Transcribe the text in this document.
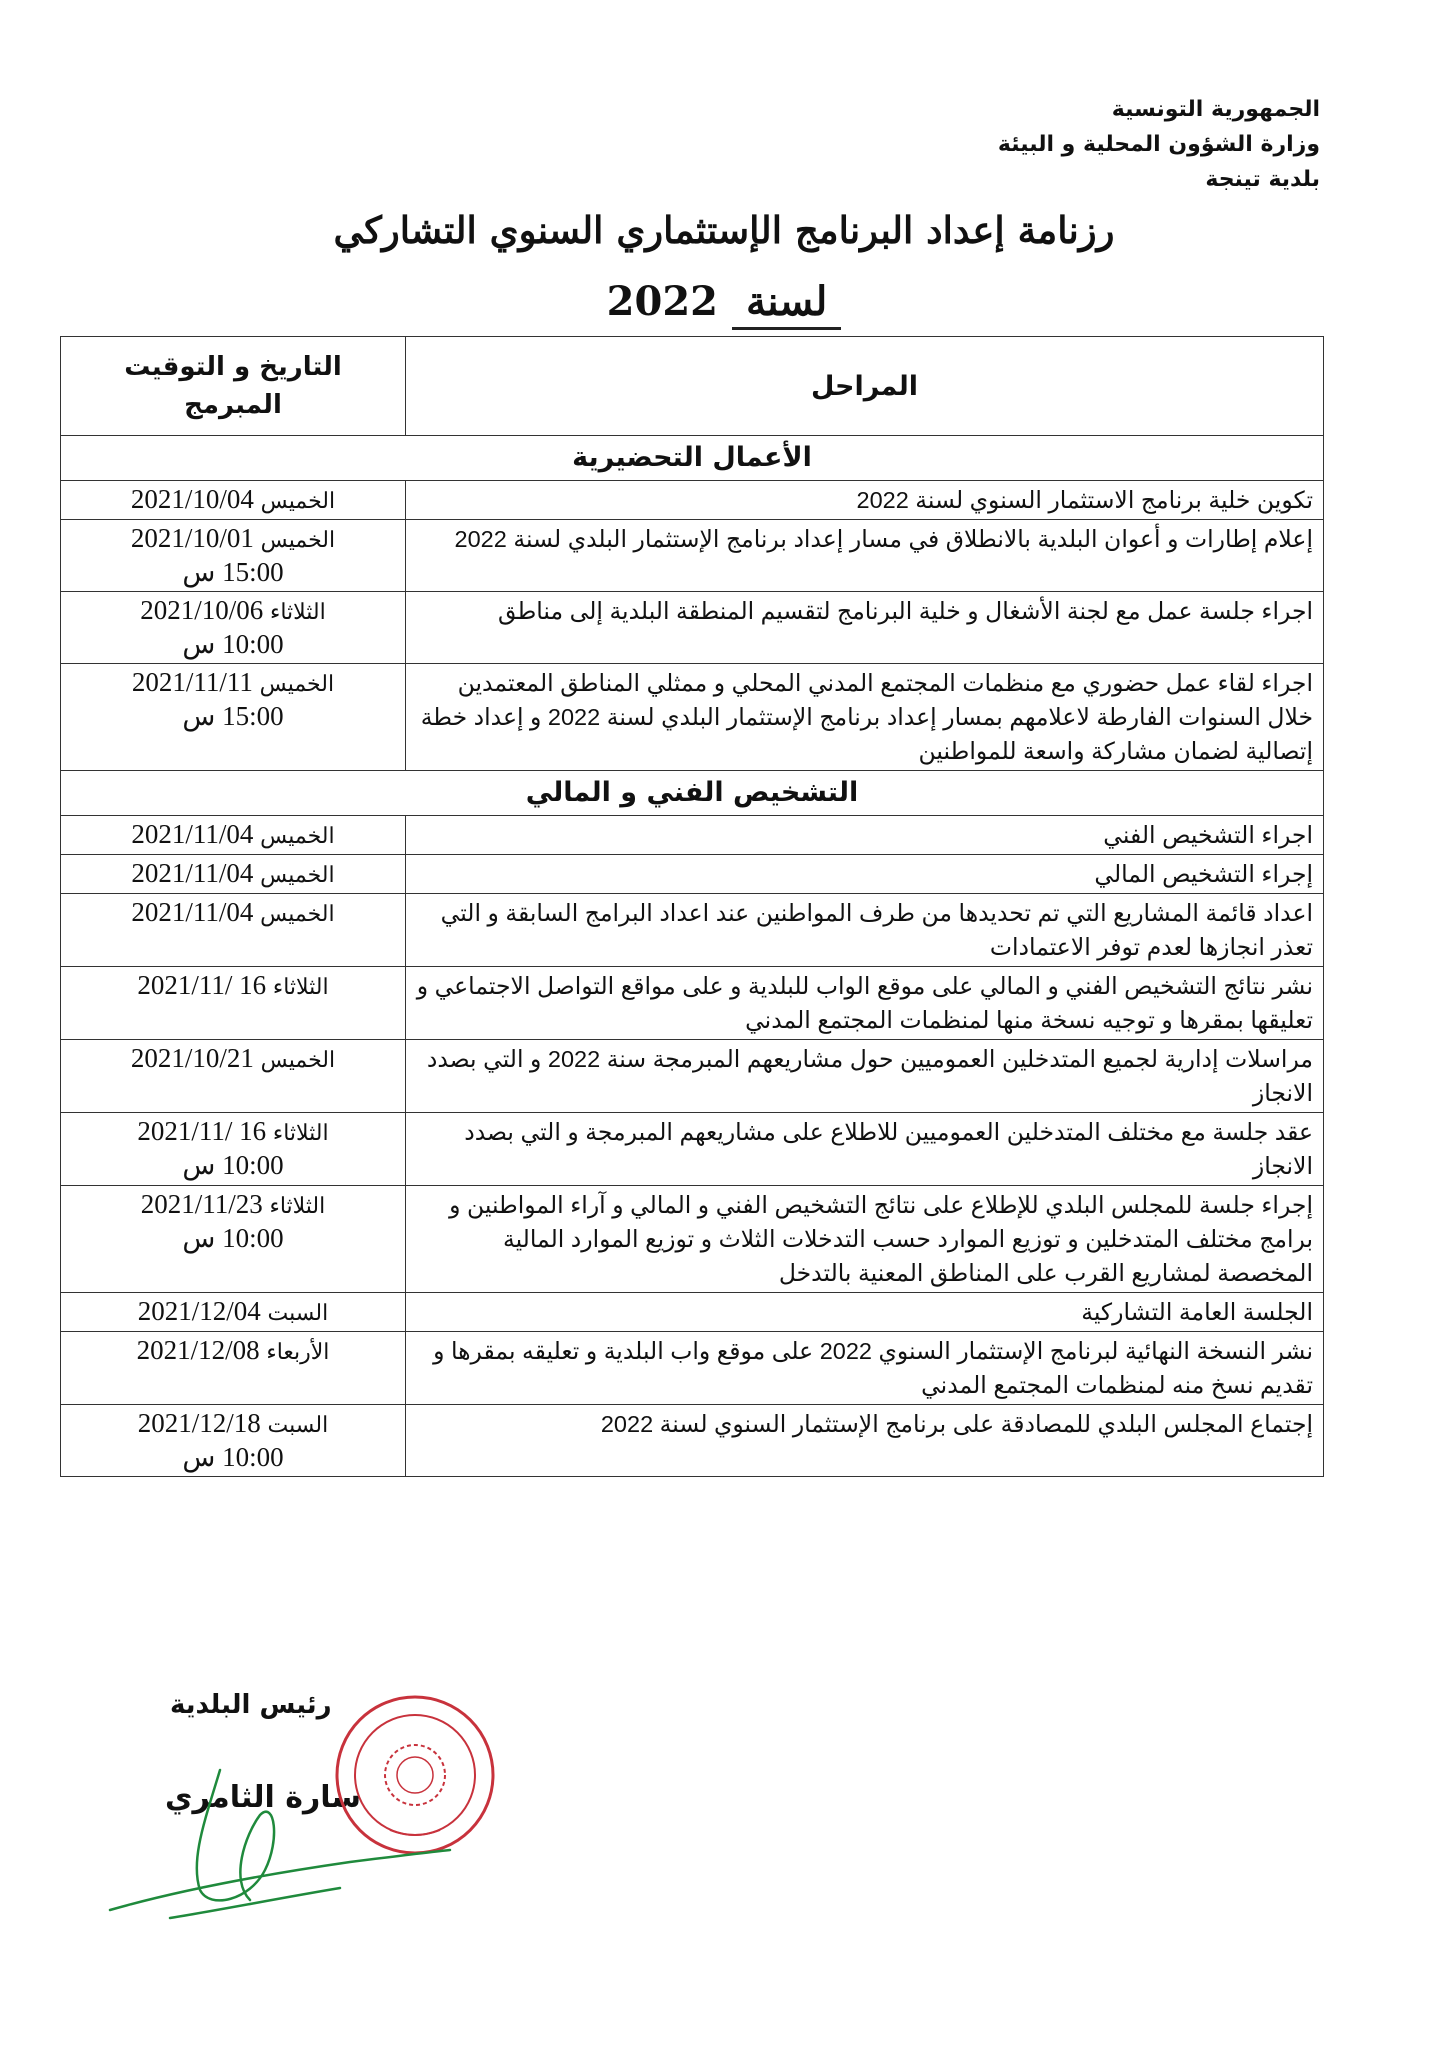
الجمهورية التونسية
وزارة الشؤون المحلية و البيئة
بلدية تينجة
رزنامة إعداد البرنامج الإستثماري السنوي التشاركي
لسنة 2022
المراحل	التاريخ و التوقيت المبرمج
الأعمال التحضيرية	
تكوين خلية برنامج الاستثمار السنوي لسنة 2022	الخميس 2021/10/04

إعلام إطارات و أعوان البلدية بالانطلاق في مسار إعداد برنامج الإستثمار البلدي لسنة 2022	الخميس 2021/10/01
15:00 س

اجراء جلسة عمل مع لجنة الأشغال و خلية البرنامج لتقسيم المنطقة البلدية إلى مناطق	الثلاثاء 2021/10/06
10:00 س

اجراء لقاء عمل حضوري مع منظمات المجتمع المدني المحلي و ممثلي المناطق المعتمدين خلال السنوات الفارطة لاعلامهم بمسار إعداد برنامج الإستثمار البلدي لسنة 2022 و إعداد خطة إتصالية لضمان مشاركة واسعة للمواطنين	الخميس 2021/11/11
15:00 س

التشخيص الفني و المالي	
اجراء التشخيص الفني	الخميس 2021/11/04

إجراء التشخيص المالي	الخميس 2021/11/04

اعداد قائمة المشاريع التي تم تحديدها من طرف المواطنين عند اعداد البرامج السابقة و التي تعذر انجازها لعدم توفر الاعتمادات	الخميس 2021/11/04

نشر نتائج التشخيص الفني و المالي على موقع الواب للبلدية و على مواقع التواصل الاجتماعي و تعليقها بمقرها و توجيه نسخة منها لمنظمات المجتمع المدني	الثلاثاء 2021/11/ 16

مراسلات إدارية لجميع المتدخلين العموميين حول مشاريعهم المبرمجة سنة 2022 و التي بصدد الانجاز	الخميس 2021/10/21

عقد جلسة مع مختلف المتدخلين العموميين للاطلاع على مشاريعهم المبرمجة و التي بصدد الانجاز	الثلاثاء 2021/11/ 16
10:00 س

إجراء جلسة للمجلس البلدي للإطلاع على نتائج التشخيص الفني و المالي و آراء المواطنين و برامج مختلف المتدخلين و توزيع الموارد حسب التدخلات الثلاث و توزيع الموارد المالية المخصصة لمشاريع القرب على المناطق المعنية بالتدخل	الثلاثاء 2021/11/23
10:00 س

الجلسة العامة التشاركية	السبت 2021/12/04

نشر النسخة النهائية لبرنامج الإستثمار السنوي 2022 على موقع واب البلدية و تعليقه بمقرها و تقديم نسخ منه لمنظمات المجتمع المدني	الأربعاء 2021/12/08

إجتماع المجلس البلدي للمصادقة على برنامج الإستثمار السنوي لسنة 2022	السبت 2021/12/18
10:00 س
رئيس البلدية
سارة الثامري
